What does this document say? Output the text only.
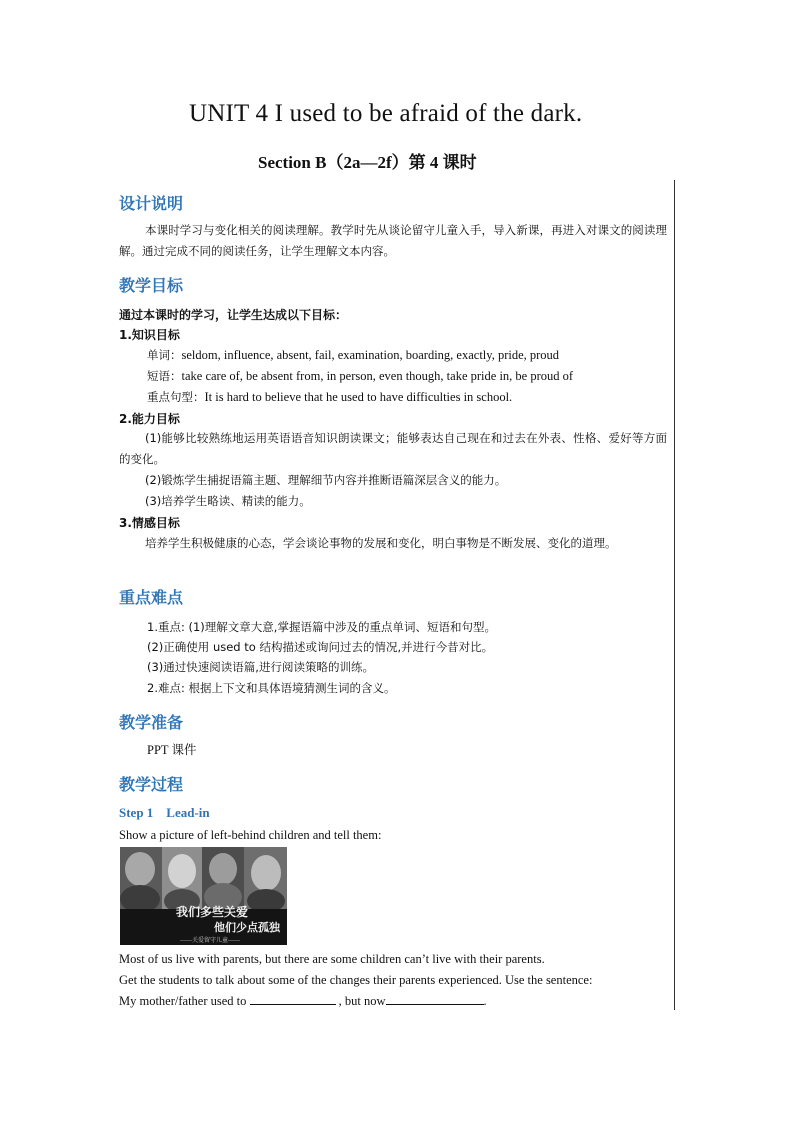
UNIT 4 I used to be afraid of the dark.
Section B（2a—2f）第 4 课时
设计说明
本课时学习与变化相关的阅读理解。教学时先从谈论留守儿童入手，导入新课，再进入对课文的阅读理解。通过完成不同的阅读任务，让学生理解文本内容。
教学目标
通过本课时的学习，让学生达成以下目标：
1.知识目标
单词：seldom, influence, absent, fail, examination, boarding, exactly, pride, proud
短语：take care of, be absent from, in person, even though, take pride in, be proud of
重点句型：It is hard to believe that he used to have difficulties in school.
2.能力目标
(1)能够比较熟练地运用英语语音知识朗读课文；能够表达自己现在和过去在外表、性格、爱好等方面的变化。
(2)锻炼学生捕捉语篇主题、理解细节内容并推断语篇深层含义的能力。
(3)培养学生略读、精读的能力。
3.情感目标
培养学生积极健康的心态，学会谈论事物的发展和变化，明白事物是不断发展、变化的道理。
重点难点
1.重点: (1)理解文章大意,掌握语篇中涉及的重点单词、短语和句型。
(2)正确使用 used to 结构描述或询问过去的情况,并进行今昔对比。
(3)通过快速阅读语篇,进行阅读策略的训练。
2.难点: 根据上下文和具体语境猜测生词的含义。
教学准备
PPT 课件
教学过程
Step 1    Lead-in
Show a picture of left-behind children and tell them:
我们多些关爱
他们少点孤独
——关爱留守儿童——
Most of us live with parents, but there are some children can’t live with their parents.
Get the students to talk about some of the changes their parents experienced. Use the sentence:
My mother/father used to	, but now	.
